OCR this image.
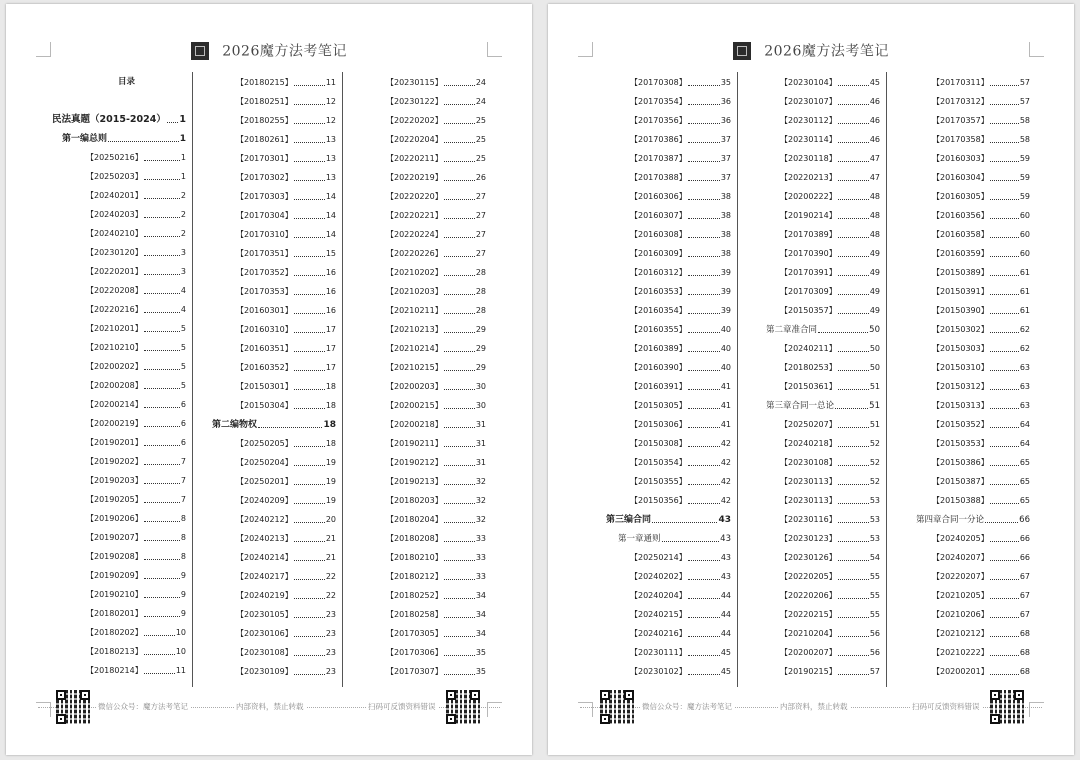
2026魔方法考笔记
目录
民法真题（2015-2024） 1
第一编总则	1
【20250216】	1
【20250203】	1
【20240201】	2
【20240203】	2
【20240210】	2
【20230120】	3
【20220201】	3
【20220208】	4
【20220216】	4
【20210201】	5
【20210210】	5
【20200202】	5
【20200208】	5
【20200214】	6
【20200219】	6
【20190201】	6
【20190202】	7
【20190203】	7
【20190205】	7
【20190206】	8
【20190207】	8
【20190208】	8
【20190209】	9
【20190210】	9
【20180201】	9
【20180202】	10
【20180213】	10
【20180214】	11
【20180215】	11
【20180251】	12
【20180255】	12
【20180261】	13
【20170301】	13
【20170302】	13
【20170303】	14
【20170304】	14
【20170310】	14
【20170351】	15
【20170352】	16
【20170353】	16
【20160301】	16
【20160310】	17
【20160351】	17
【20160352】	17
【20150301】	18
【20150304】	18
第二编物权	18
【20250205】	18
【20250204】	19
【20250201】	19
【20240209】	19
【20240212】	20
【20240213】	21
【20240214】	21
【20240217】	22
【20240219】	22
【20230105】	23
【20230106】	23
【20230108】	23
【20230109】	23
【20230115】	24
【20230122】	24
【20220202】	25
【20220204】	25
【20220211】	25
【20220219】	26
【20220220】	27
【20220221】	27
【20220224】	27
【20220226】	27
【20210202】	28
【20210203】	28
【20210211】	28
【20210213】	29
【20210214】	29
【20210215】	29
【20200203】	30
【20200215】	30
【20200218】	31
【20190211】	31
【20190212】	31
【20190213】	32
【20180203】	32
【20180204】	32
【20180208】	33
【20180210】	33
【20180212】	33
【20180252】	34
【20180258】	34
【20170305】	34
【20170306】	35
【20170307】	35
微信公众号：魔方法考笔记	内部资料，禁止转载	扫码可反馈资料错误
2026魔方法考笔记
【20170308】	35
【20170354】	36
【20170356】	36
【20170386】	37
【20170387】	37
【20170388】	37
【20160306】	38
【20160307】	38
【20160308】	38
【20160309】	38
【20160312】	39
【20160353】	39
【20160354】	39
【20160355】	40
【20160389】	40
【20160390】	40
【20160391】	41
【20150305】	41
【20150306】	41
【20150308】	42
【20150354】	42
【20150355】	42
【20150356】	42
第三编合同	43
第一章通则	43
【20250214】	43
【20240202】	43
【20240204】	44
【20240215】	44
【20240216】	44
【20230111】	45
【20230102】	45
【20230104】	45
【20230107】	46
【20230112】	46
【20230114】	46
【20230118】	47
【20220213】	47
【20200222】	48
【20190214】	48
【20170389】	48
【20170390】	49
【20170391】	49
【20170309】	49
【20150357】	49
第二章准合同	50
【20240211】	50
【20180253】	50
【20150361】	51
第三章合同一总论	51
【20250207】	51
【20240218】	52
【20230108】	52
【20230113】	52
【20230113】	53
【20230116】	53
【20230123】	53
【20230126】	54
【20220205】	55
【20220206】	55
【20220215】	55
【20210204】	56
【20200207】	56
【20190215】	57
【20170311】	57
【20170312】	57
【20170357】	58
【20170358】	58
【20160303】	59
【20160304】	59
【20160305】	59
【20160356】	60
【20160358】	60
【20160359】	60
【20150389】	61
【20150391】	61
【20150390】	61
【20150302】	62
【20150303】	62
【20150310】	63
【20150312】	63
【20150313】	63
【20150352】	64
【20150353】	64
【20150386】	65
【20150387】	65
【20150388】	65
第四章合同一分论	66
【20240205】	66
【20240207】	66
【20220207】	67
【20210205】	67
【20210206】	67
【20210212】	68
【20210222】	68
【20200201】	68
微信公众号：魔方法考笔记	内部资料，禁止转载	扫码可反馈资料错误
